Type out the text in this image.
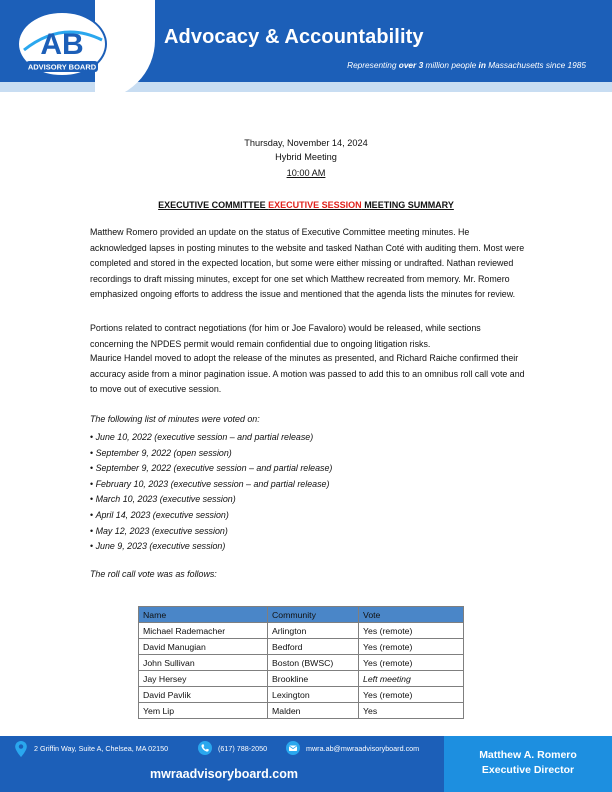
AB
ADVISORY BOARD
Advocacy & Accountability
Representing over 3 million people in Massachusetts since 1985
Thursday, November 14, 2024
Hybrid Meeting
10:00 AM
EXECUTIVE COMMITTEE EXECUTIVE SESSION MEETING SUMMARY
Matthew Romero provided an update on the status of Executive Committee meeting minutes. He acknowledged lapses in posting minutes to the website and tasked Nathan Coté with auditing them. Most were completed and stored in the expected location, but some were either missing or undrafted. Nathan reviewed recordings to draft missing minutes, except for one set which Matthew recreated from memory. Mr. Romero emphasized ongoing efforts to address the issue and mentioned that the agenda lists the minutes for review.
Portions related to contract negotiations (for him or Joe Favaloro) would be released, while sections concerning the NPDES permit would remain confidential due to ongoing litigation risks.
Maurice Handel moved to adopt the release of the minutes as presented, and Richard Raiche confirmed their accuracy aside from a minor pagination issue. A motion was passed to add this to an omnibus roll call vote and to move out of executive session.
The following list of minutes were voted on:
• June 10, 2022 (executive session – and partial release)
• September 9, 2022 (open session)
• September 9, 2022 (executive session – and partial release)
• February 10, 2023 (executive session – and partial release)
• March 10, 2023 (executive session)
• April 14, 2023 (executive session)
• May 12, 2023 (executive session)
• June 9, 2023 (executive session)
The roll call vote was as follows:
Name	Community	Vote
Michael Rademacher	Arlington	Yes (remote)
David Manugian	Bedford	Yes (remote)
John Sullivan	Boston (BWSC)	Yes (remote)
Jay Hersey	Brookline	Left meeting
David Pavlik	Lexington	Yes (remote)
Yem Lip	Malden	Yes
2 Griffin Way, Suite A, Chelsea, MA 02150	(617) 788-2050	mwra.ab@mwraadvisoryboard.com
mwraadvisoryboard.com
Matthew A. Romero
Executive Director
